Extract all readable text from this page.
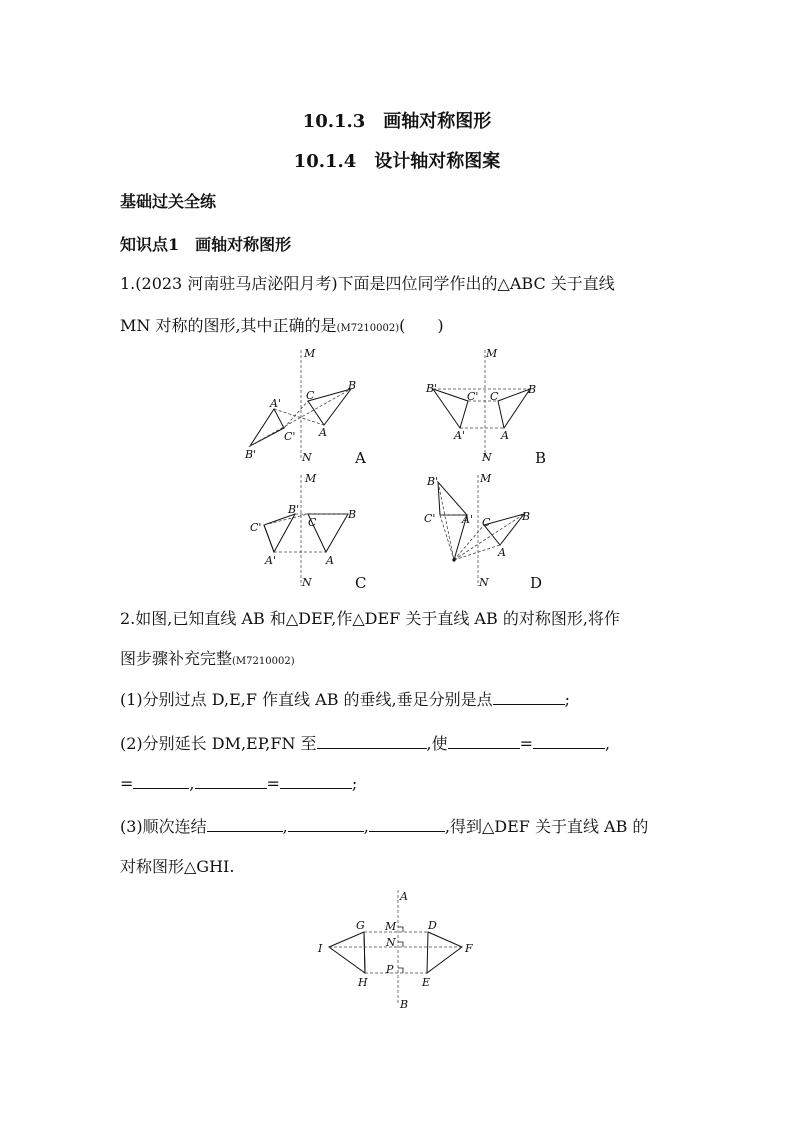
10.1.3　画轴对称图形
10.1.4　设计轴对称图案
基础过关全练
知识点1　画轴对称图形
1.(2023 河南驻马店泌阳月考)下面是四位同学作出的△ABC 关于直线
MN 对称的图形,其中正确的是(M7210002)(　　)
M
N
A'
B'
C'
C
B
A
A
M
N
B'
C'
A'
C
B
A
B
M
N
C'
B'
A'
C
B
A
C
M
N
B'
C' A' C	B
A
D
2.如图,已知直线 AB 和△DEF,作△DEF 关于直线 AB 的对称图形,将作
图步骤补充完整(M7210002)
(1)分别过点 D,E,F 作直线 AB 的垂线,垂足分别是点	;
(2)分别延长 DM,EP,FN 至	,使	=	,
=	,	=	;
(3)顺次连结	,	,	,得到△DEF 关于直线 AB 的
对称图形△GHI.
A
B
G M	D
I	N	F
P
H	E
